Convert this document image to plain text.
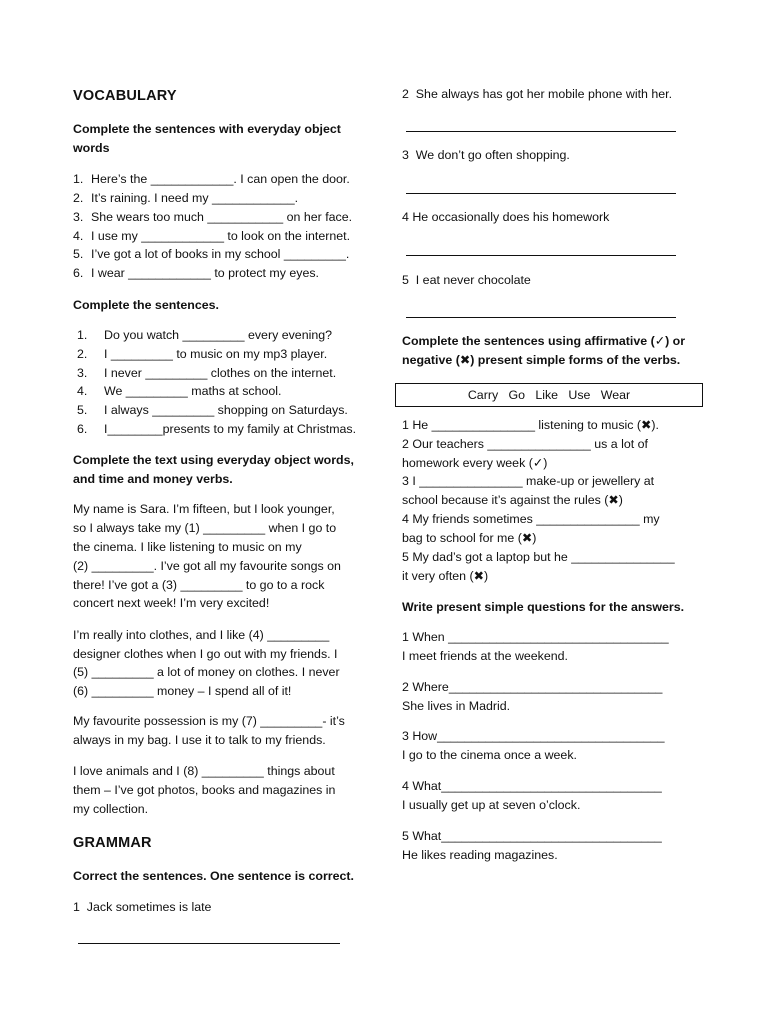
VOCABULARY
Complete the sentences with everyday object words
1. Here’s the ____________. I can open the door.
2. It’s raining. I need my ____________.
3. She wears too much ___________ on her face.
4. I use my ____________ to look on the internet.
5. I’ve got a lot of books in my school _________.
6. I wear ____________ to protect my eyes.
Complete the sentences.
1. Do you watch _________ every evening?
2. I _________ to music on my mp3 player.
3. I never _________ clothes on the internet.
4. We _________ maths at school.
5. I always _________ shopping on Saturdays.
6. I________presents to my family at Christmas.
Complete the text using everyday object words,
and time and money verbs.
My name is Sara. I’m fifteen, but I look younger,
so I always take my (1) _________ when I go to
the cinema. I like listening to music on my
(2) _________. I’ve got all my favourite songs on
there! I’ve got a (3) _________ to go to a rock
concert next week! I’m very excited!
I’m really into clothes, and I like (4) _________
designer clothes when I go out with my friends. I
(5) _________ a lot of money on clothes. I never
(6) _________ money – I spend all of it!
My favourite possession is my (7) _________- it’s
always in my bag. I use it to talk to my friends.
I love animals and I (8) _________ things about
them – I’ve got photos, books and magazines in
my collection.
GRAMMAR
Correct the sentences. One sentence is correct.
1 Jack sometimes is late
2 She always has got her mobile phone with her.
3 We don’t go often shopping.
4 He occasionally does his homework
5 I eat never chocolate
Complete the sentences using affirmative (✓) or
negative (✖) present simple forms of the verbs.
Carry   Go   Like   Use   Wear
1 He _______________ listening to music (✖).
2 Our teachers _______________ us a lot of
homework every week (✓)
3 I _______________ make-up or jewellery at
school because it’s against the rules (✖)
4 My friends sometimes _______________ my
bag to school for me (✖)
5 My dad’s got a laptop but he _______________
it very often (✖)
Write present simple questions for the answers.
1 When ________________________________
I meet friends at the weekend.
2 Where_______________________________
She lives in Madrid.
3 How_________________________________
I go to the cinema once a week.
4 What________________________________
I usually get up at seven o’clock.
5 What________________________________
He likes reading magazines.
